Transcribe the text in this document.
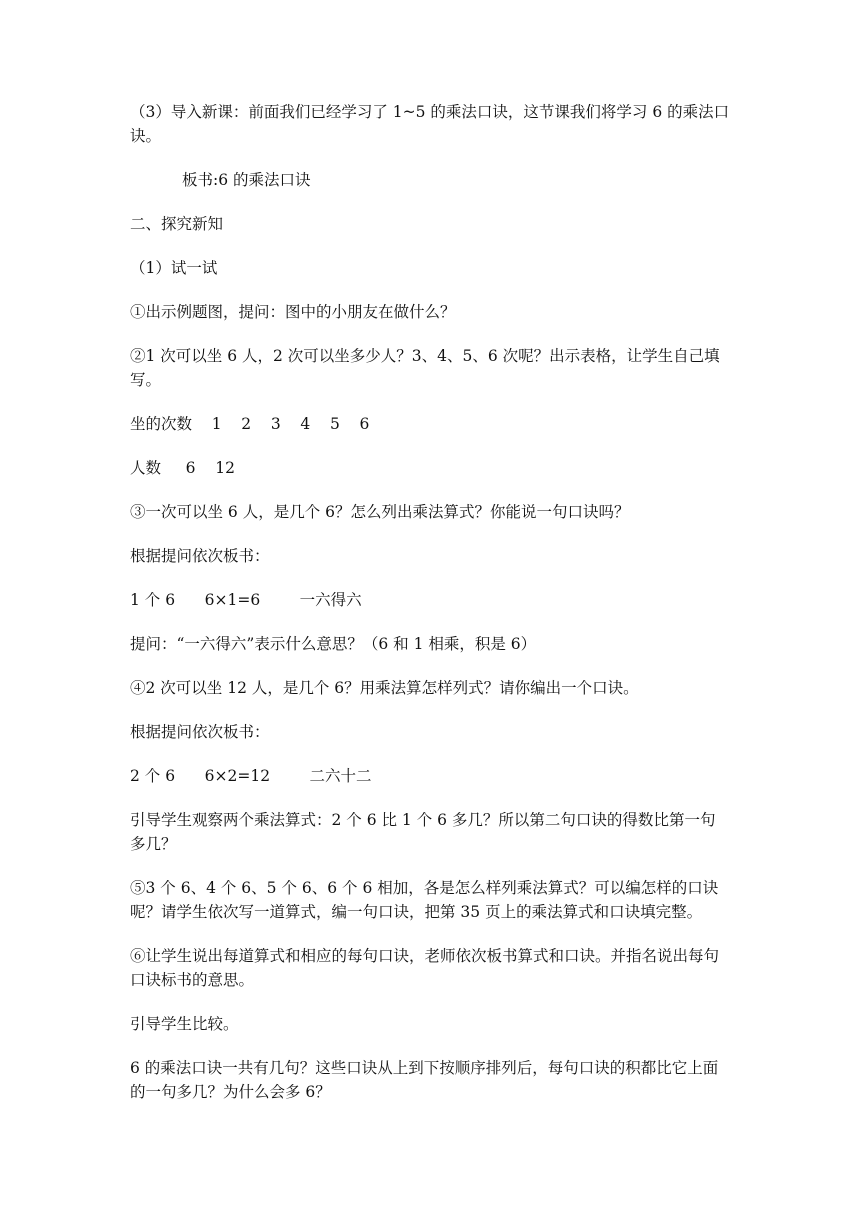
（3）导入新课：前面我们已经学习了 1~5 的乘法口诀，这节课我们将学习 6 的乘法口诀。

板书:6 的乘法口诀

二、探究新知

（1）试一试

①出示例题图，提问：图中的小朋友在做什么？

②1 次可以坐 6 人，2 次可以坐多少人？3、4、5、6 次呢？出示表格，让学生自己填写。

坐的次数    1    2    3    4    5    6

人数     6    12

③一次可以坐 6 人，是几个 6？怎么列出乘法算式？你能说一句口诀吗？

根据提问依次板书：

1 个 6      6×1=6        一六得六

提问：“一六得六”表示什么意思？（6 和 1 相乘，积是 6）

④2 次可以坐 12 人，是几个 6？用乘法算怎样列式？请你编出一个口诀。

根据提问依次板书：

2 个 6      6×2=12        二六十二

引导学生观察两个乘法算式：2 个 6 比 1 个 6 多几？所以第二句口诀的得数比第一句多几？

⑤3 个 6、4 个 6、5 个 6、6 个 6 相加，各是怎么样列乘法算式？可以编怎样的口诀呢？请学生依次写一道算式，编一句口诀，把第 35 页上的乘法算式和口诀填完整。

⑥让学生说出每道算式和相应的每句口诀，老师依次板书算式和口诀。并指名说出每句口诀标书的意思。

引导学生比较。

6 的乘法口诀一共有几句？这些口诀从上到下按顺序排列后，每句口诀的积都比它上面的一句多几？为什么会多 6？
